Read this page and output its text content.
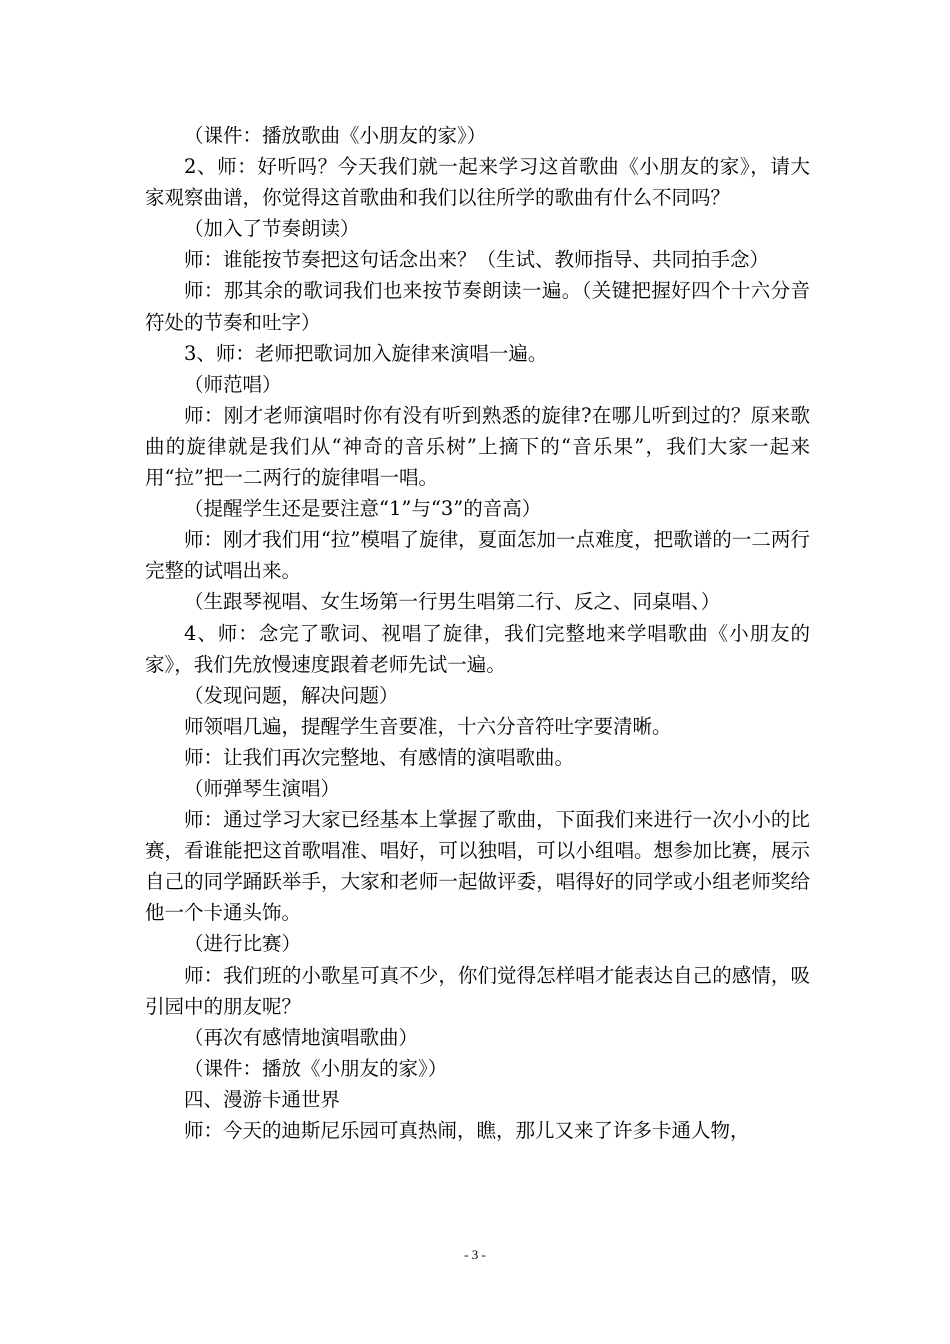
（课件：播放歌曲《小朋友的家》）

2、师：好听吗？今天我们就一起来学习这首歌曲《小朋友的家》，请大家观察曲谱，你觉得这首歌曲和我们以往所学的歌曲有什么不同吗？

（加入了节奏朗读）

师：谁能按节奏把这句话念出来？（生试、教师指导、共同拍手念）

师：那其余的歌词我们也来按节奏朗读一遍。（关键把握好四个十六分音符处的节奏和吐字）

3、师：老师把歌词加入旋律来演唱一遍。

（师范唱）

师：刚才老师演唱时你有没有听到熟悉的旋律?在哪儿听到过的？原来歌曲的旋律就是我们从“神奇的音乐树”上摘下的“音乐果”，我们大家一起来用“拉”把一二两行的旋律唱一唱。

（提醒学生还是要注意“1”与“3”的音高）

师：刚才我们用“拉”模唱了旋律，夏面怎加一点难度，把歌谱的一二两行完整的试唱出来。

（生跟琴视唱、女生场第一行男生唱第二行、反之、同桌唱、）

4、师：念完了歌词、视唱了旋律，我们完整地来学唱歌曲《小朋友的家》，我们先放慢速度跟着老师先试一遍。

（发现问题，解决问题）

师领唱几遍，提醒学生音要准，十六分音符吐字要清晰。

师：让我们再次完整地、有感情的演唱歌曲。

（师弹琴生演唱）

师：通过学习大家已经基本上掌握了歌曲，下面我们来进行一次小小的比赛，看谁能把这首歌唱准、唱好，可以独唱，可以小组唱。想参加比赛，展示自己的同学踊跃举手，大家和老师一起做评委，唱得好的同学或小组老师奖给他一个卡通头饰。

（进行比赛）

师：我们班的小歌星可真不少，你们觉得怎样唱才能表达自己的感情，吸引园中的朋友呢？

（再次有感情地演唱歌曲）

（课件：播放《小朋友的家》）

四、漫游卡通世界

师：今天的迪斯尼乐园可真热闹，瞧，那儿又来了许多卡通人物，

- 3 -
